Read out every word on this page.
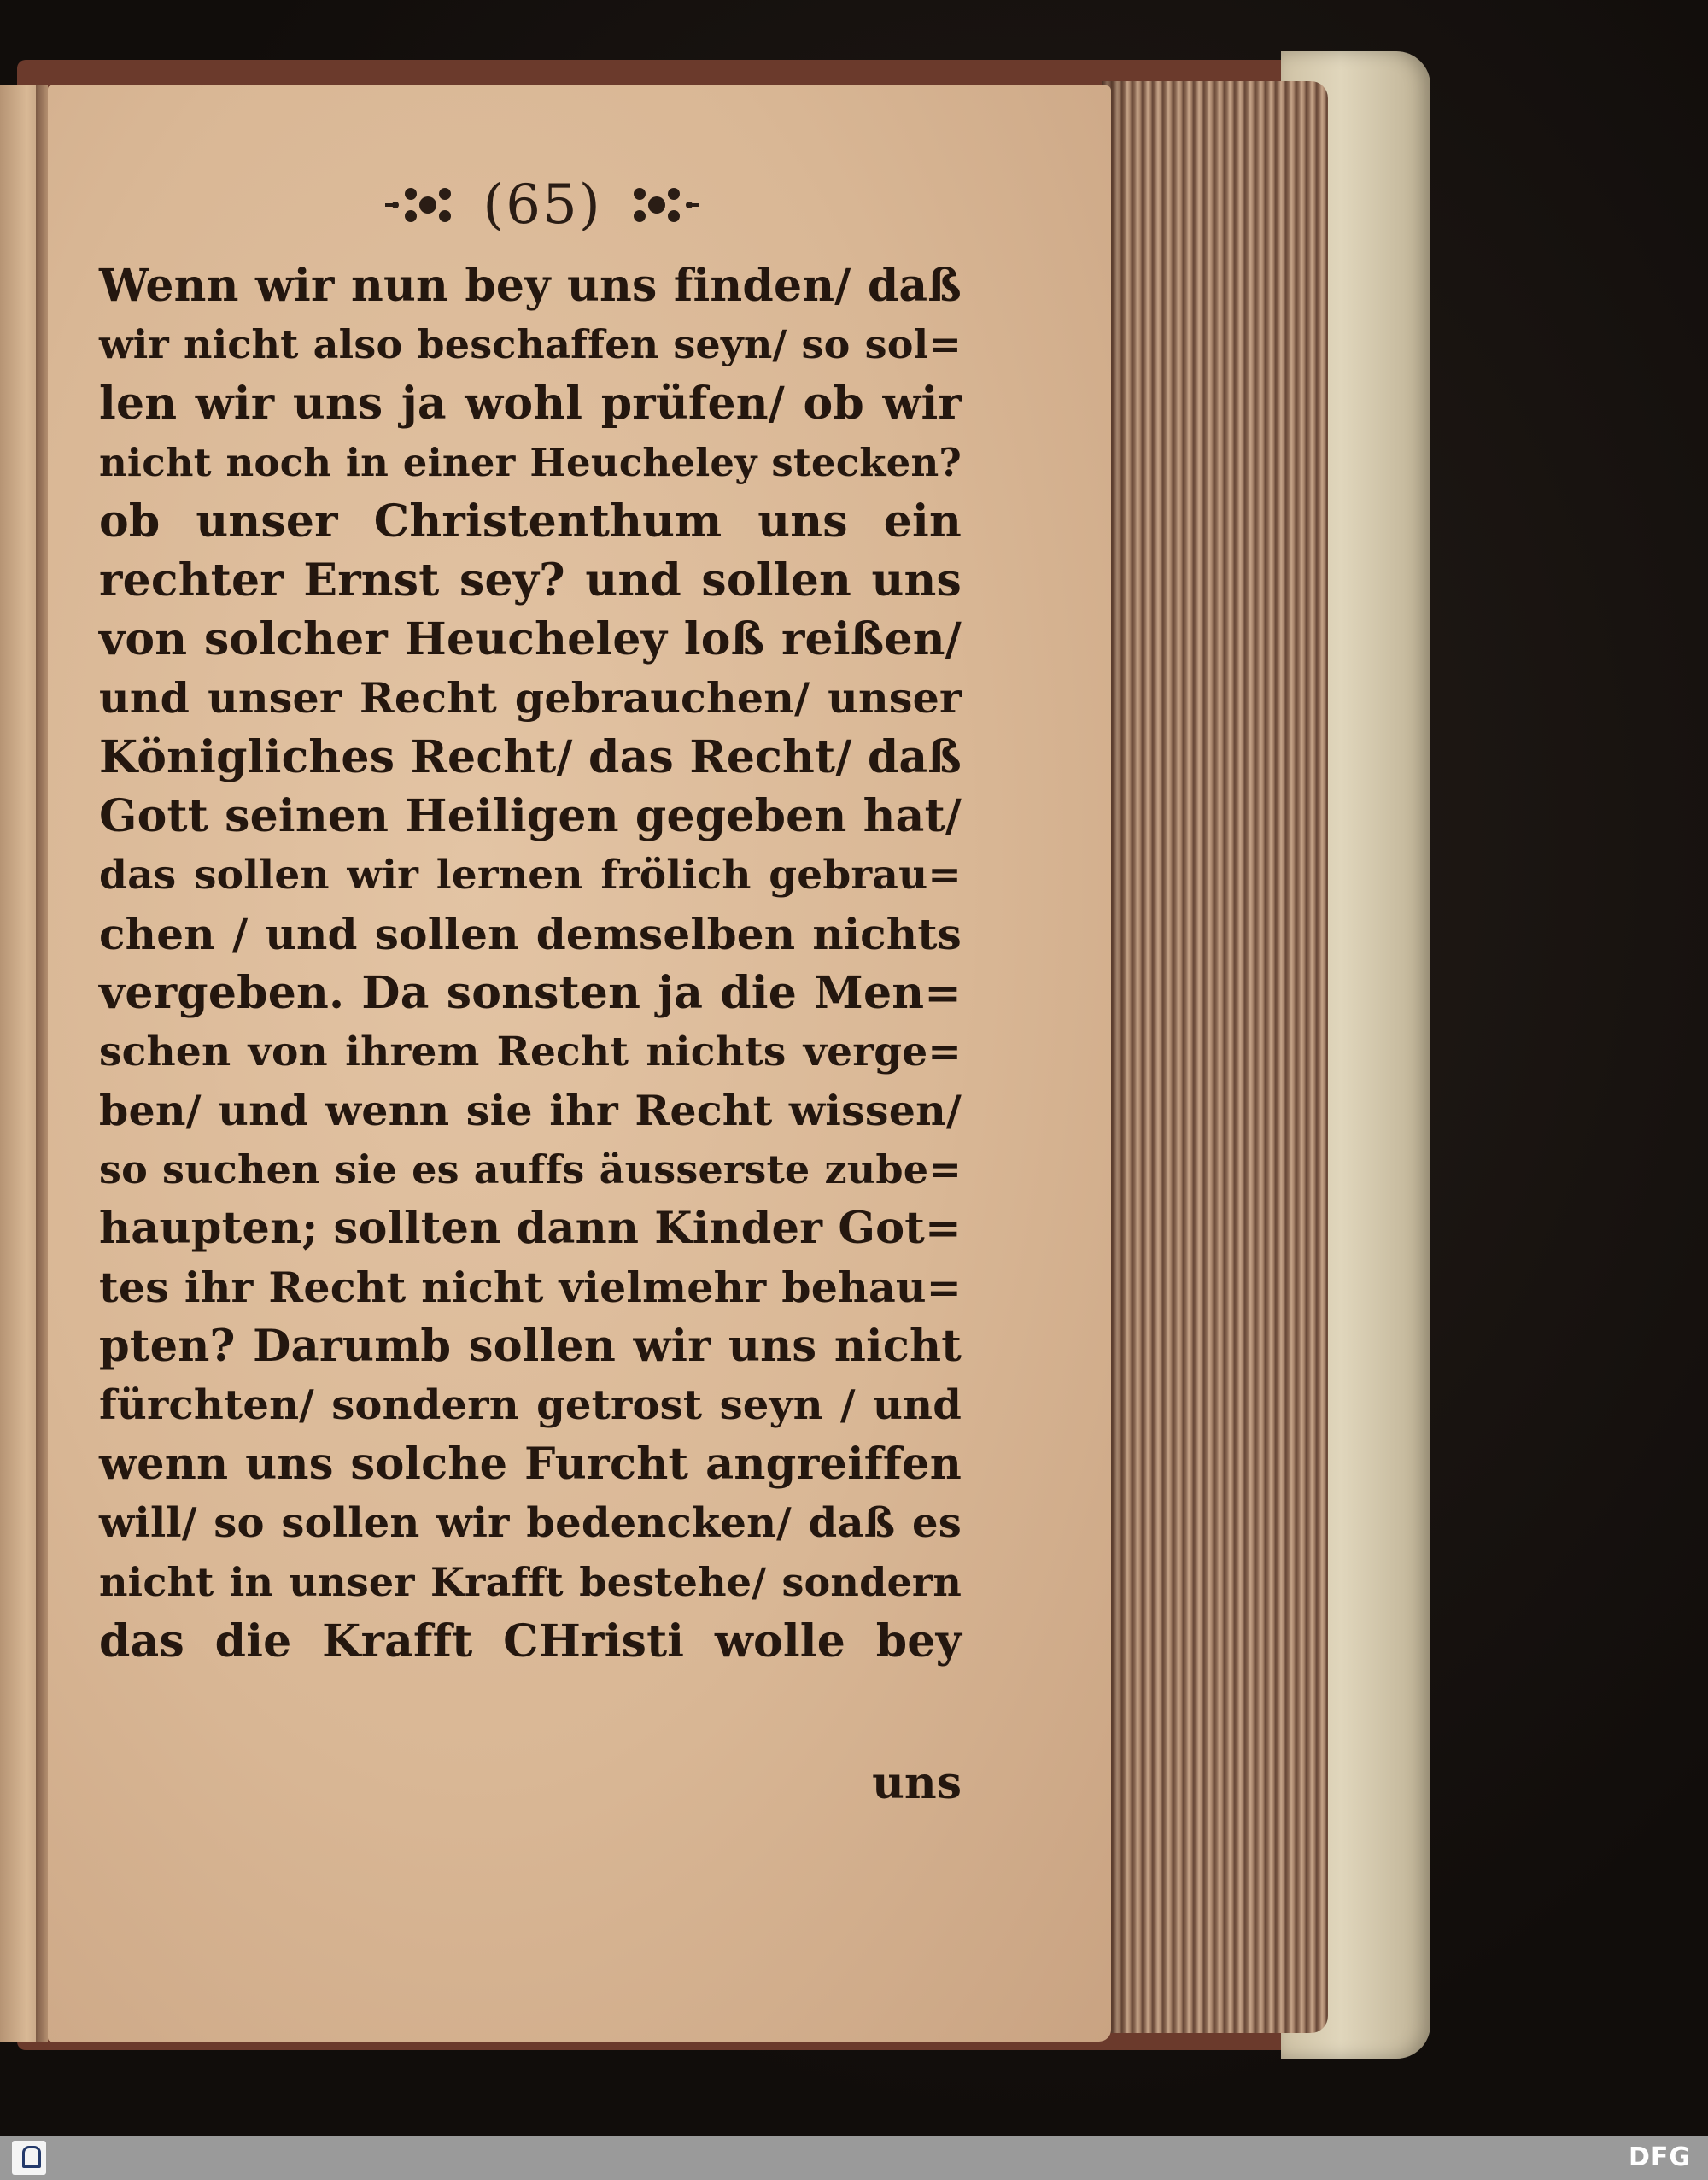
(65)
Wenn wir nun bey uns finden/ daß
wir nicht also beschaffen seyn/ so sol=
len wir uns ja wohl prüfen/ ob wir
nicht noch in einer Heucheley stecken?
ob unser Christenthum uns ein
rechter Ernst sey? und sollen uns
von solcher Heucheley loß reißen/
und unser Recht gebrauchen/ unser
Königliches Recht/ das Recht/ daß
Gott seinen Heiligen gegeben hat/
das sollen wir lernen frölich gebrau=
chen / und sollen demselben nichts
vergeben. Da sonsten ja die Men=
schen von ihrem Recht nichts verge=
ben/ und wenn sie ihr Recht wissen/
so suchen sie es auffs äusserste zube=
haupten; sollten dann Kinder Got=
tes ihr Recht nicht vielmehr behau=
pten? Darumb sollen wir uns nicht
fürchten/ sondern getrost seyn / und
wenn uns solche Furcht angreiffen
will/ so sollen wir bedencken/ daß es
nicht in unser Krafft bestehe/ sondern
das die Krafft CHristi wolle bey
uns
DFG
